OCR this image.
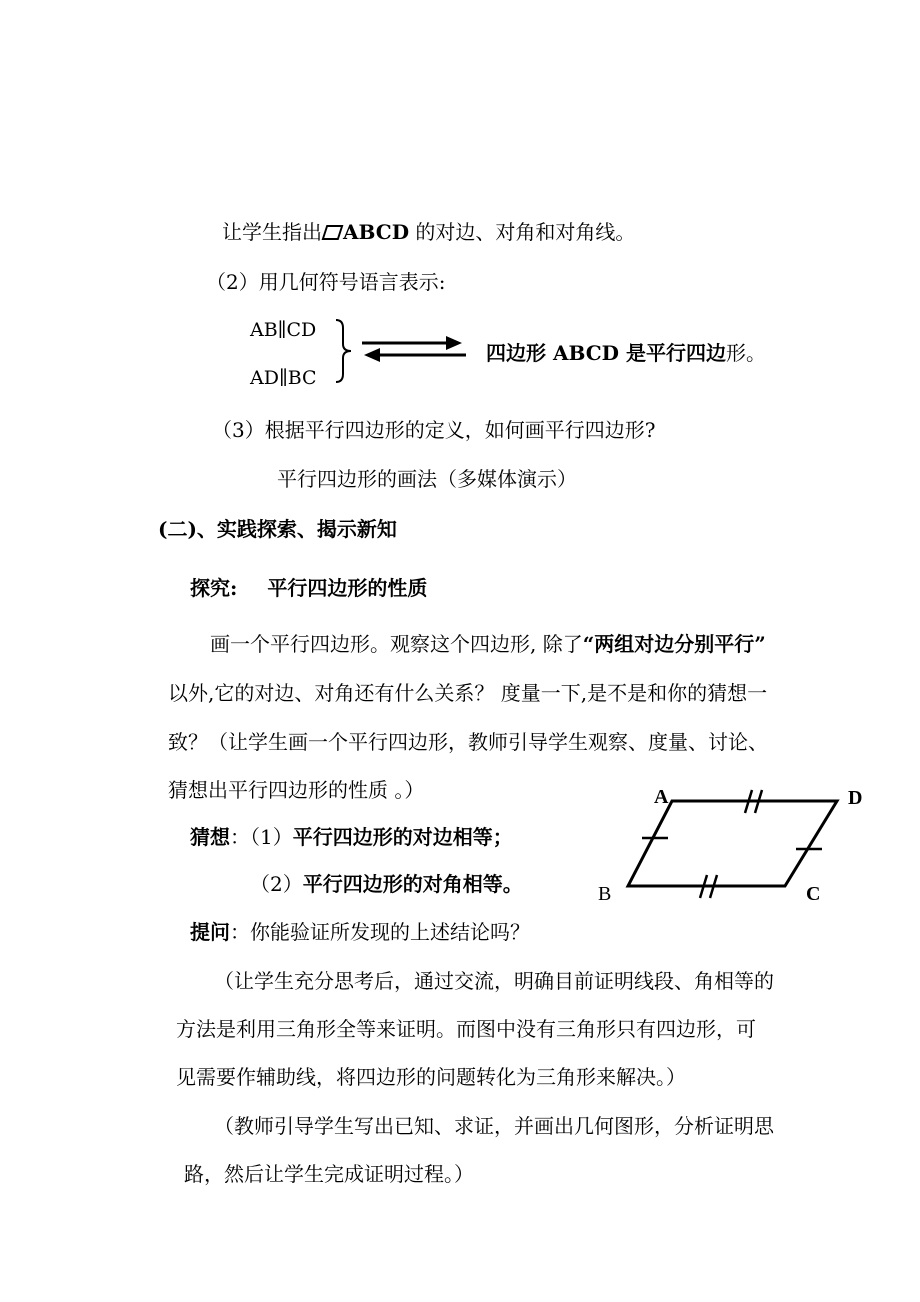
让学生指出 ABCD 的对边、对角和对角线。
（2）用几何符号语言表示:
AB∥CD
AD∥BC
四边形 ABCD 是平行四边形。
（3）根据平行四边形的定义，如何画平行四边形?
平行四边形的画法（多媒体演示）
(二)、实践探索、揭示新知
探究: 平行四边形的性质
画一个平行四边形。观察这个四边形, 除了“两组对边分别平行”
以外,它的对边、对角还有什么关系？ 度量一下,是不是和你的猜想一
致？（让学生画一个平行四边形，教师引导学生观察、度量、讨论、
猜想出平行四边形的性质 。）
猜想：（1）平行四边形的对边相等；
（2）平行四边形的对角相等。
A	D
B	C
提问：你能验证所发现的上述结论吗？
（让学生充分思考后，通过交流，明确目前证明线段、角相等的
方法是利用三角形全等来证明。而图中没有三角形只有四边形，可
见需要作辅助线，将四边形的问题转化为三角形来解决。）
（教师引导学生写出已知、求证，并画出几何图形，分析证明思
路，然后让学生完成证明过程。）
